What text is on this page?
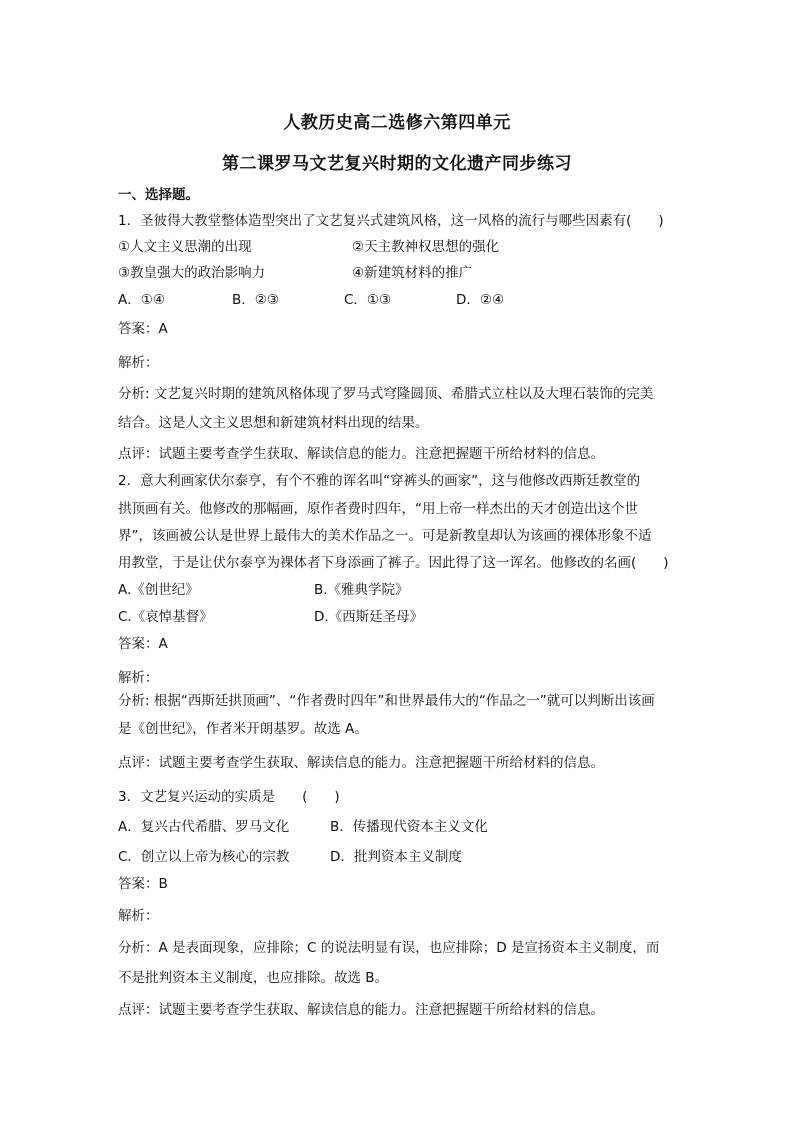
人教历史高二选修六第四单元
第二课罗马文艺复兴时期的文化遗产同步练习
一、选择题。
1．圣彼得大教堂整体造型突出了文艺复兴式建筑风格，这一风格的流行与哪些因素有(　　)
①人文主义思潮的出现	②天主教神权思想的强化
③教皇强大的政治影响力	④新建筑材料的推广
A．①④	B．②③	C．①③	D．②④
答案：A
解析：
分析: 文艺复兴时期的建筑风格体现了罗马式穹隆圆顶、希腊式立柱以及大理石装饰的完美
结合。这是人文主义思想和新建筑材料出现的结果。
点评：试题主要考查学生获取、解读信息的能力。注意把握题干所给材料的信息。
2．意大利画家伏尔泰亨，有个不雅的诨名叫“穿裤头的画家”，这与他修改西斯廷教堂的
拱顶画有关。他修改的那幅画，原作者费时四年，“用上帝一样杰出的天才创造出这个世
界”，该画被公认是世界上最伟大的美术作品之一。可是新教皇却认为该画的裸体形象不适
用教堂，于是让伏尔泰亨为裸体者下身添画了裤子。因此得了这一诨名。他修改的名画(　　)
A.《创世纪》	B.《雅典学院》
C.《哀悼基督》	D.《西斯廷圣母》
答案：A
解析：
分析: 根据“西斯廷拱顶画”、“作者费时四年”和世界最伟大的“作品之一”就可以判断出该画
是《创世纪》，作者米开朗基罗。故选 A。
点评：试题主要考查学生获取、解读信息的能力。注意把握题干所给材料的信息。
3．文艺复兴运动的实质是　　(　　)
A．复兴古代希腊、罗马文化	B．传播现代资本主义文化
C．创立以上帝为核心的宗教	D．批判资本主义制度
答案：B
解析：
分析：A 是表面现象，应排除；C 的说法明显有误，也应排除；D 是宣扬资本主义制度，而
不是批判资本主义制度，也应排除。故选 B。
点评：试题主要考查学生获取、解读信息的能力。注意把握题干所给材料的信息。
